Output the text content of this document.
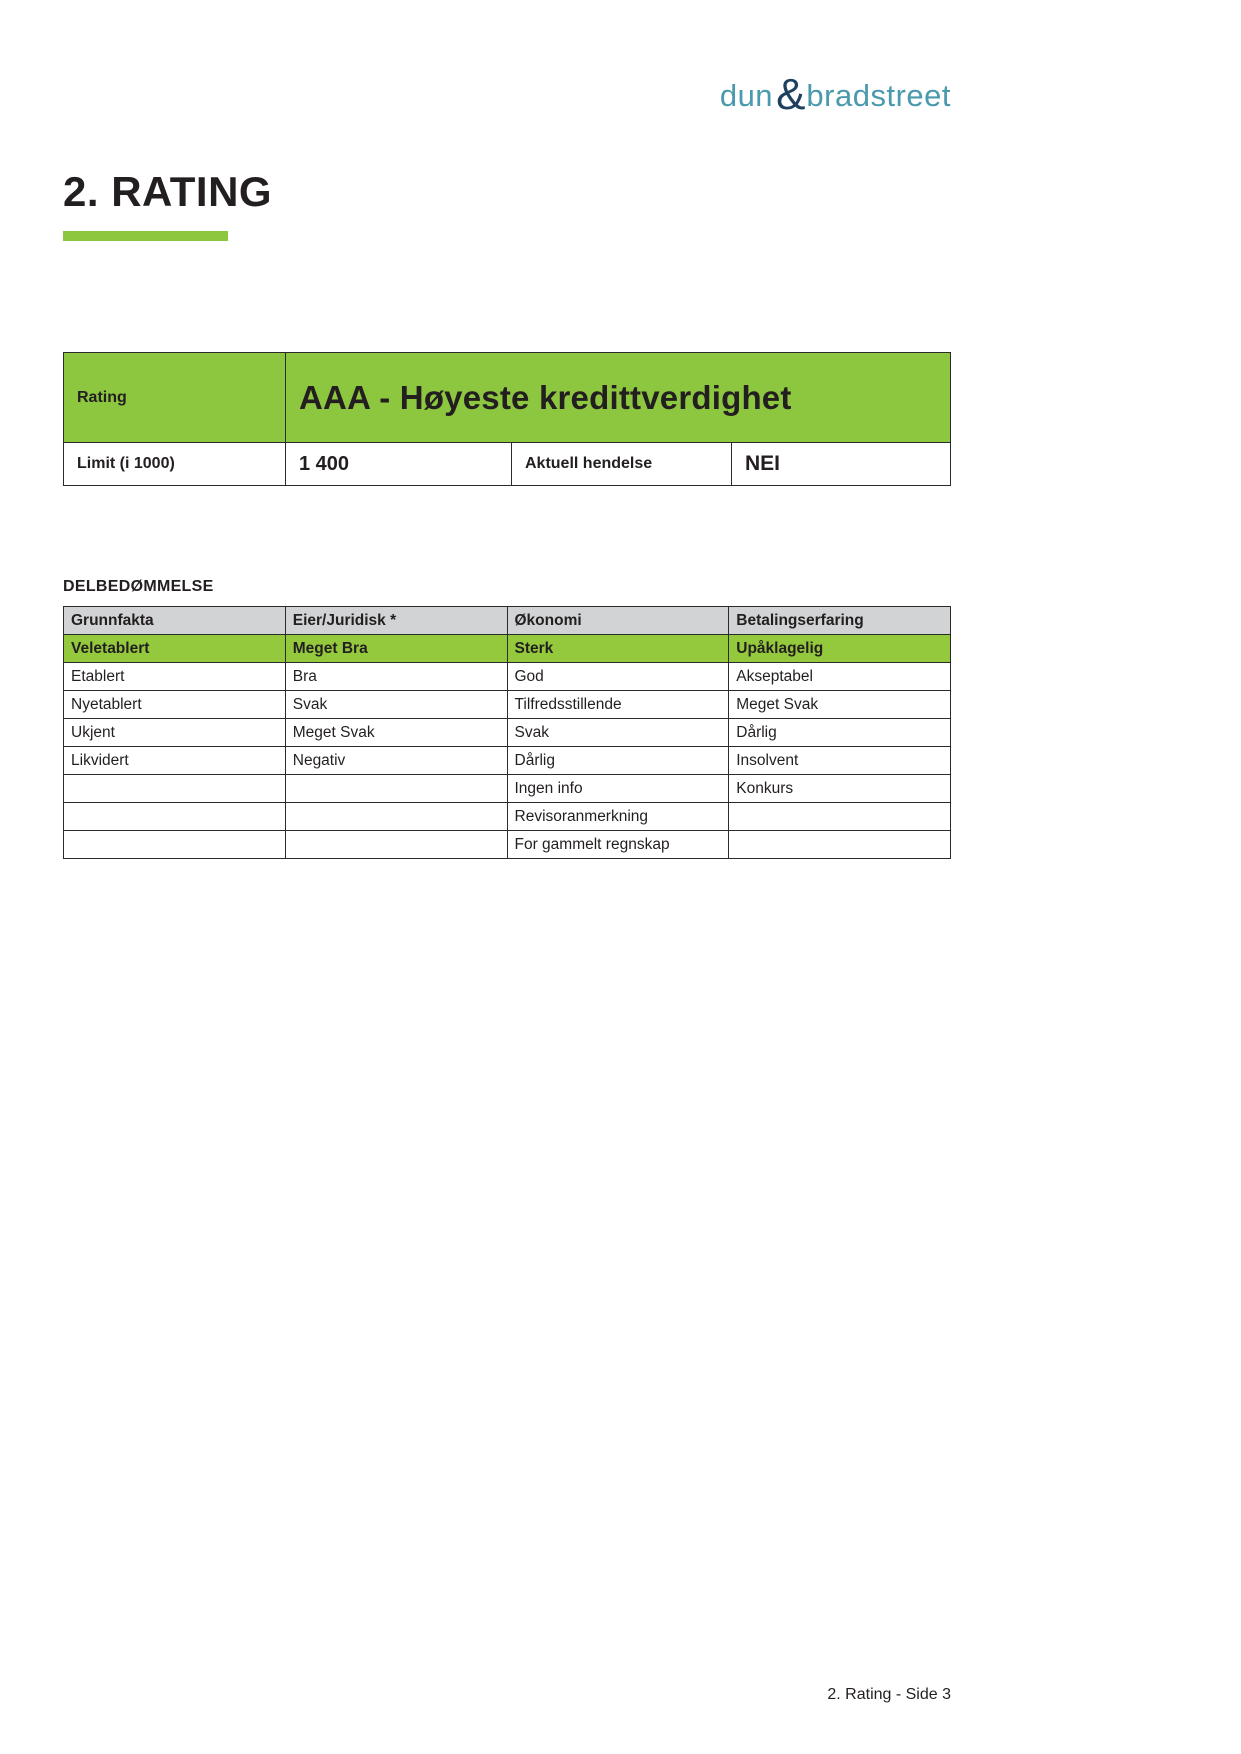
dun & bradstreet
2. RATING
Rating	AAA - Høyeste kredittverdighet
Limit (i 1000)	1 400	Aktuell hendelse	NEI
DELBEDØMMELSE
Grunnfakta	Eier/Juridisk *	Økonomi	Betalingserfaring
Veletablert	Meget Bra	Sterk	Upåklagelig
Etablert	Bra	God	Akseptabel
Nyetablert	Svak	Tilfredsstillende	Meget Svak
Ukjent	Meget Svak	Svak	Dårlig
Likvidert	Negativ	Dårlig	Insolvent
		Ingen info	Konkurs
		Revisoranmerkning	
		For gammelt regnskap	
2. Rating - Side 3
